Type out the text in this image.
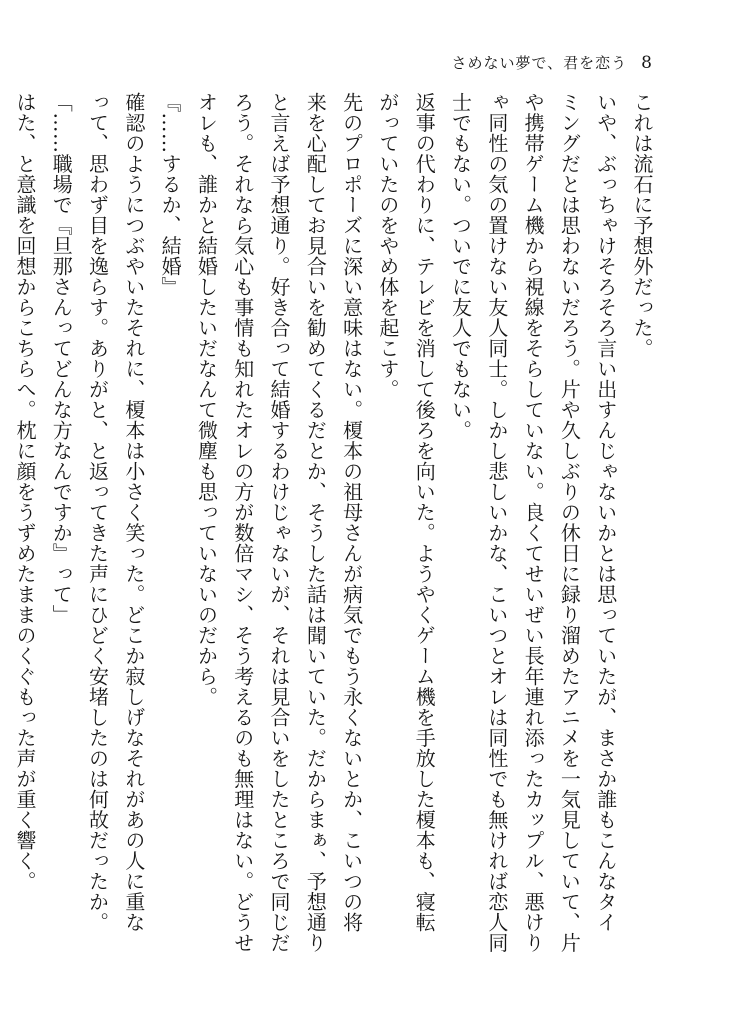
さめない夢で、君を恋う 8
これは流石に予想外だった。
いや、ぶっちゃけそろそろ言い出すんじゃないかとは思っていたが、まさか誰もこんなタイ
ミングだとは思わないだろう。片や久しぶりの休日に録り溜めたアニメを一気見していて、片
や携帯ゲーム機から視線をそらしていない。良くてせいぜい長年連れ添ったカップル、悪けり
ゃ同性の気の置けない友人同士。しかし悲しいかな、こいつとオレは同性でも無ければ恋人同
士でもない。ついでに友人でもない。
返事の代わりに、テレビを消して後ろを向いた。ようやくゲーム機を手放した榎本も、寝転
がっていたのをやめ体を起こす。
先のプロポーズに深い意味はない。榎本の祖母さんが病気でもう永くないとか、こいつの将
来を心配してお見合いを勧めてくるだとか、そうした話は聞いていた。だからまぁ、予想通り
と言えば予想通り。好き合って結婚するわけじゃないが、それは見合いをしたところで同じだ
ろう。それなら気心も事情も知れたオレの方が数倍マシ、そう考えるのも無理はない。どうせ
オレも、誰かと結婚したいだなんて微塵も思っていないのだから。
『……するか、結婚』
確認のようにつぶやいたそれに、榎本は小さく笑った。どこか寂しげなそれがあの人に重な
って、思わず目を逸らす。ありがと、と返ってきた声にひどく安堵したのは何故だったか。
「……職場で『旦那さんってどんな方なんですか』って」
はた、と意識を回想からこちらへ。枕に顔をうずめたままのくぐもった声が重く響く。
